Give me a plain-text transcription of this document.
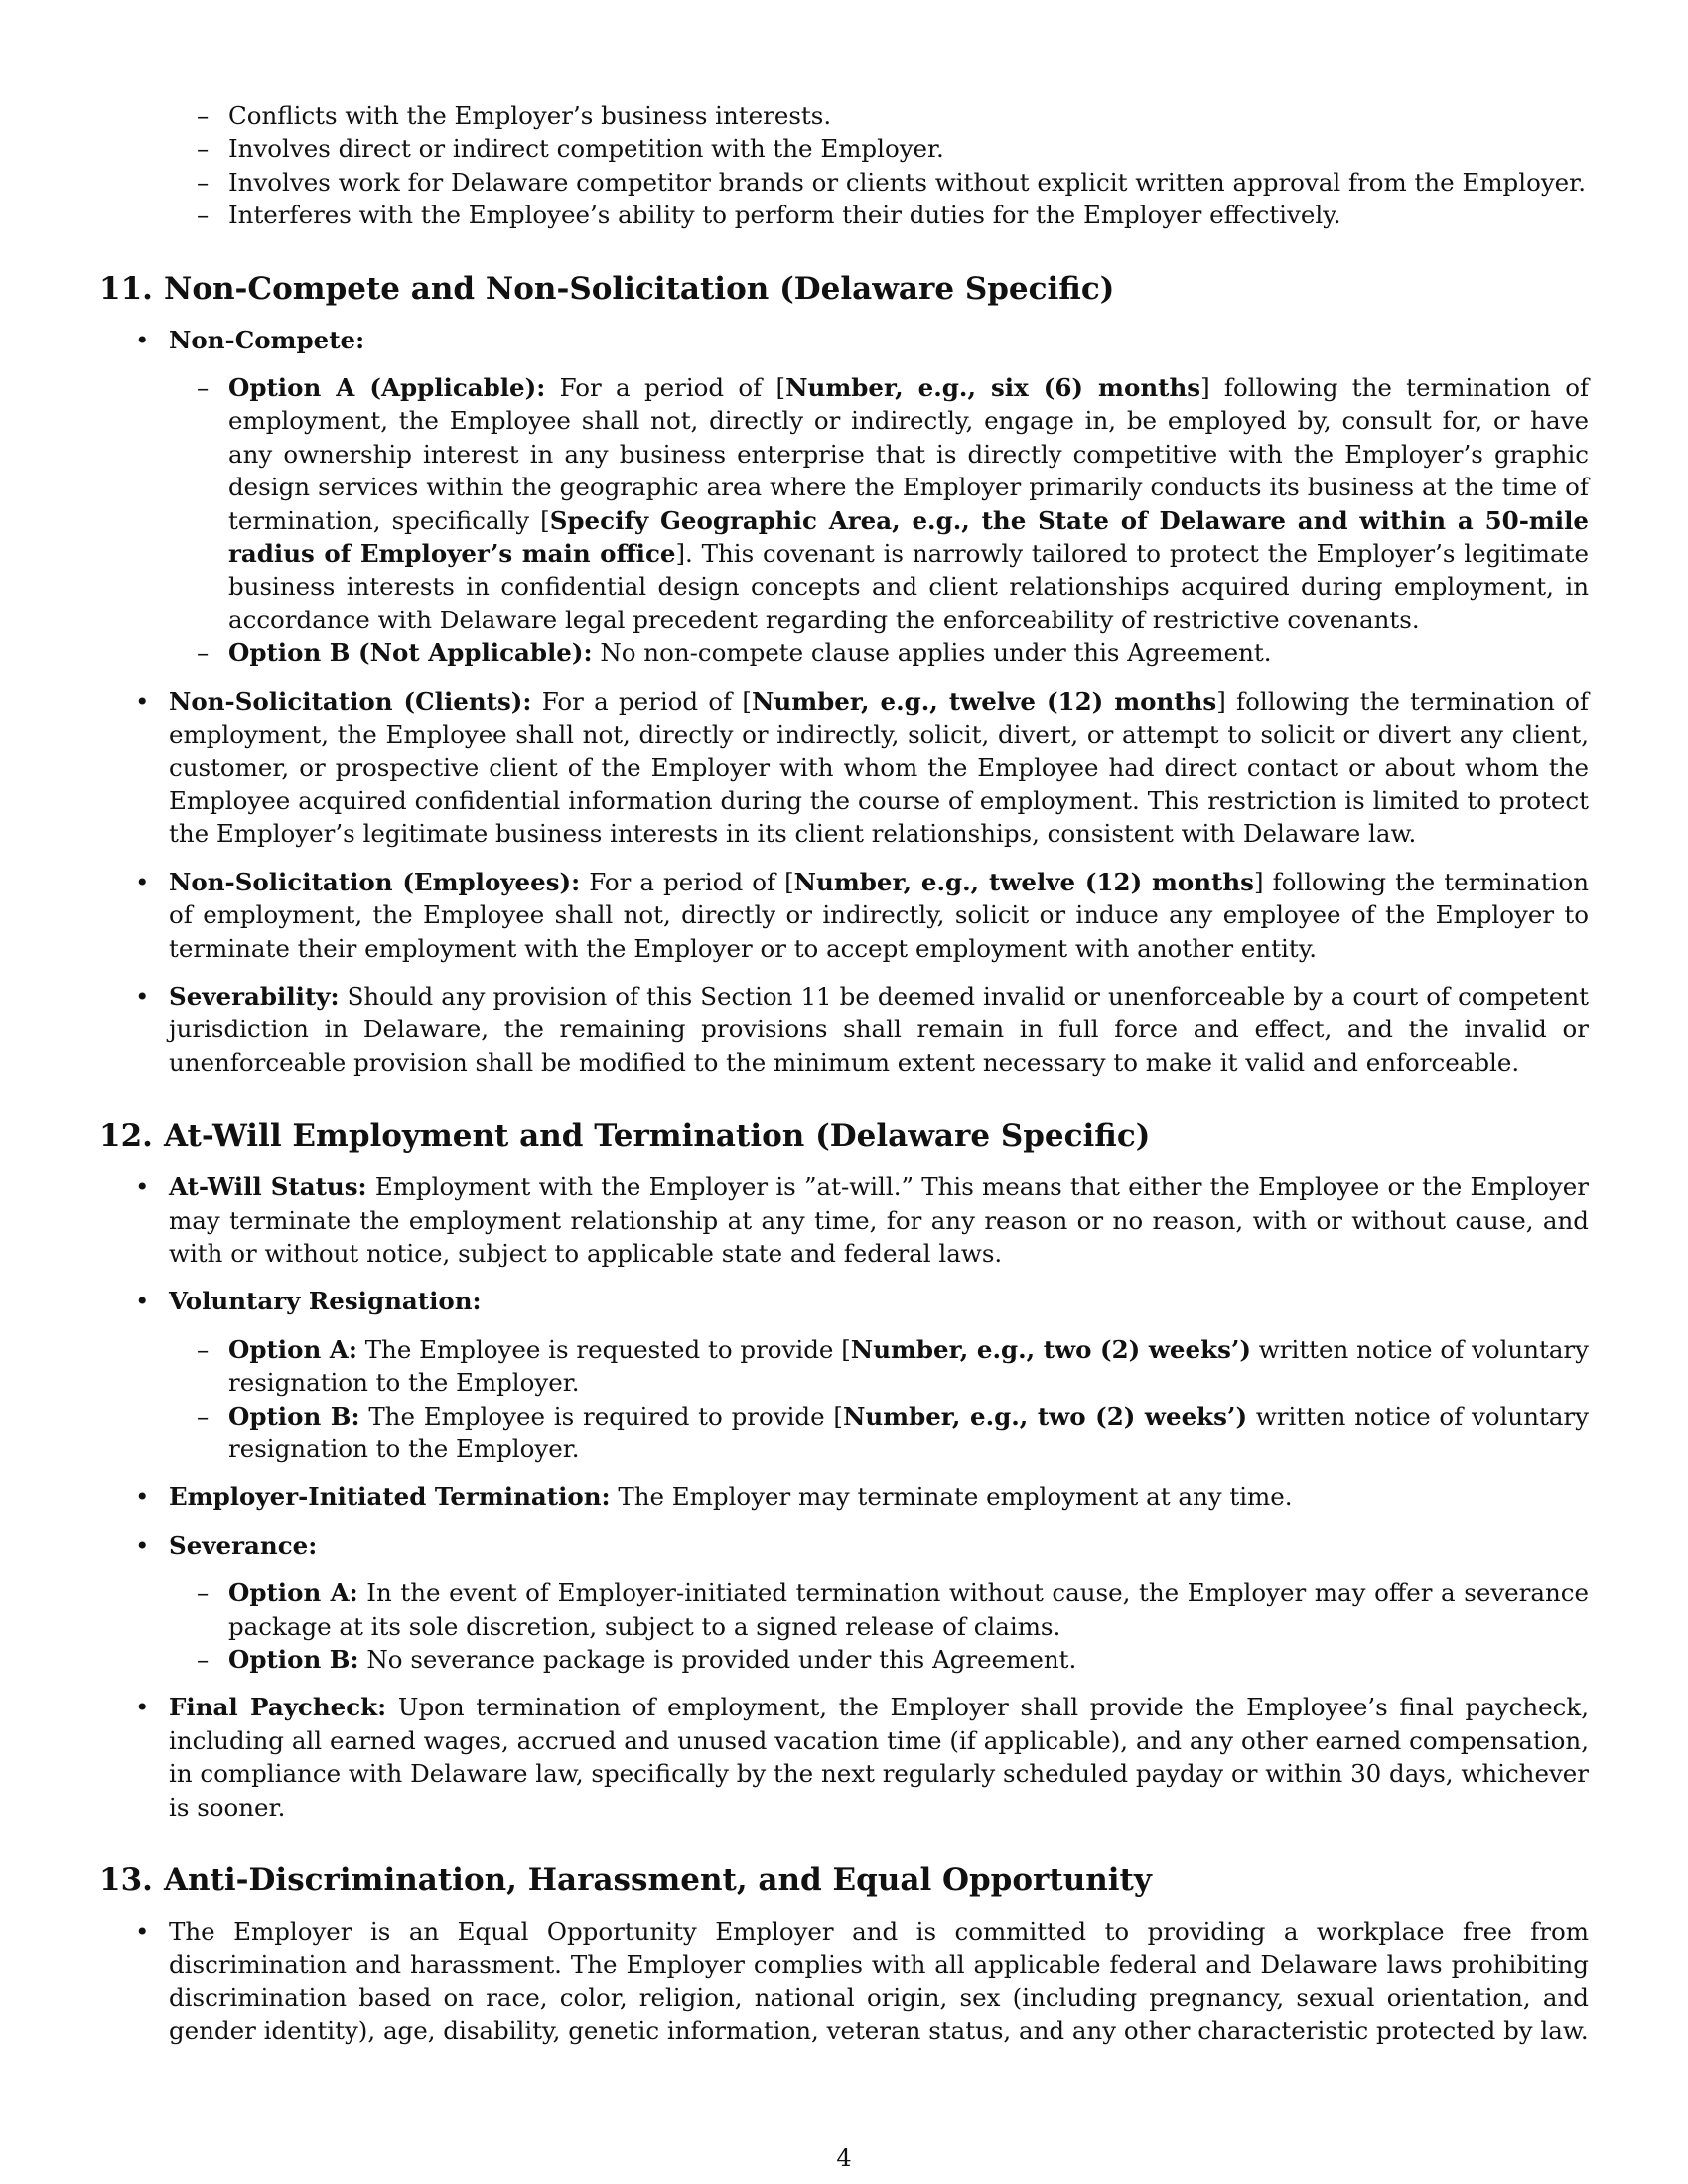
– Conflicts with the Employer’s business interests.

– Involves direct or indirect competition with the Employer.

– Involves work for Delaware competitor brands or clients without explicit written approval from the Employer.

– Interferes with the Employee’s ability to perform their duties for the Employer effectively.

11. Non-Compete and Non-Solicitation (Delaware Specific)

• Non-Compete:

– Option A (Applicable): For a period of [Number, e.g., six (6) months] following the termination of employment, the Employee shall not, directly or indirectly, engage in, be employed by, consult for, or have any ownership interest in any business enterprise that is directly competitive with the Employer’s graphic design services within the geographic area where the Employer primarily conducts its business at the time of termination, specifically [Specify Geographic Area, e.g., the State of Delaware and within a 50-mile radius of Employer’s main office]. This covenant is narrowly tailored to protect the Employer’s legitimate business interests in confidential design concepts and client relationships acquired during employment, in accordance with Delaware legal precedent regarding the enforceability of restrictive covenants.

– Option B (Not Applicable): No non-compete clause applies under this Agreement.

• Non-Solicitation (Clients): For a period of [Number, e.g., twelve (12) months] following the termination of employment, the Employee shall not, directly or indirectly, solicit, divert, or attempt to solicit or divert any client, customer, or prospective client of the Employer with whom the Employee had direct contact or about whom the Employee acquired confidential information during the course of employment. This restriction is limited to protect the Employer’s legitimate business interests in its client relationships, consistent with Delaware law.

• Non-Solicitation (Employees): For a period of [Number, e.g., twelve (12) months] following the termination of employment, the Employee shall not, directly or indirectly, solicit or induce any employee of the Employer to terminate their employment with the Employer or to accept employment with another entity.

• Severability: Should any provision of this Section 11 be deemed invalid or unenforceable by a court of competent jurisdiction in Delaware, the remaining provisions shall remain in full force and effect, and the invalid or unenforceable provision shall be modified to the minimum extent necessary to make it valid and enforceable.

12. At-Will Employment and Termination (Delaware Specific)

• At-Will Status: Employment with the Employer is ”at-will.” This means that either the Employee or the Employer may terminate the employment relationship at any time, for any reason or no reason, with or without cause, and with or without notice, subject to applicable state and federal laws.

• Voluntary Resignation:

– Option A: The Employee is requested to provide [Number, e.g., two (2) weeks’) written notice of voluntary resignation to the Employer.

– Option B: The Employee is required to provide [Number, e.g., two (2) weeks’) written notice of voluntary resignation to the Employer.

• Employer-Initiated Termination: The Employer may terminate employment at any time.

• Severance:

– Option A: In the event of Employer-initiated termination without cause, the Employer may offer a severance package at its sole discretion, subject to a signed release of claims.

– Option B: No severance package is provided under this Agreement.

• Final Paycheck: Upon termination of employment, the Employer shall provide the Employee’s final paycheck, including all earned wages, accrued and unused vacation time (if applicable), and any other earned compensation, in compliance with Delaware law, specifically by the next regularly scheduled payday or within 30 days, whichever is sooner.

13. Anti-Discrimination, Harassment, and Equal Opportunity

• The Employer is an Equal Opportunity Employer and is committed to providing a workplace free from discrimination and harassment. The Employer complies with all applicable federal and Delaware laws prohibiting discrimination based on race, color, religion, national origin, sex (including pregnancy, sexual orientation, and gender identity), age, disability, genetic information, veteran status, and any other characteristic protected by law.

4
